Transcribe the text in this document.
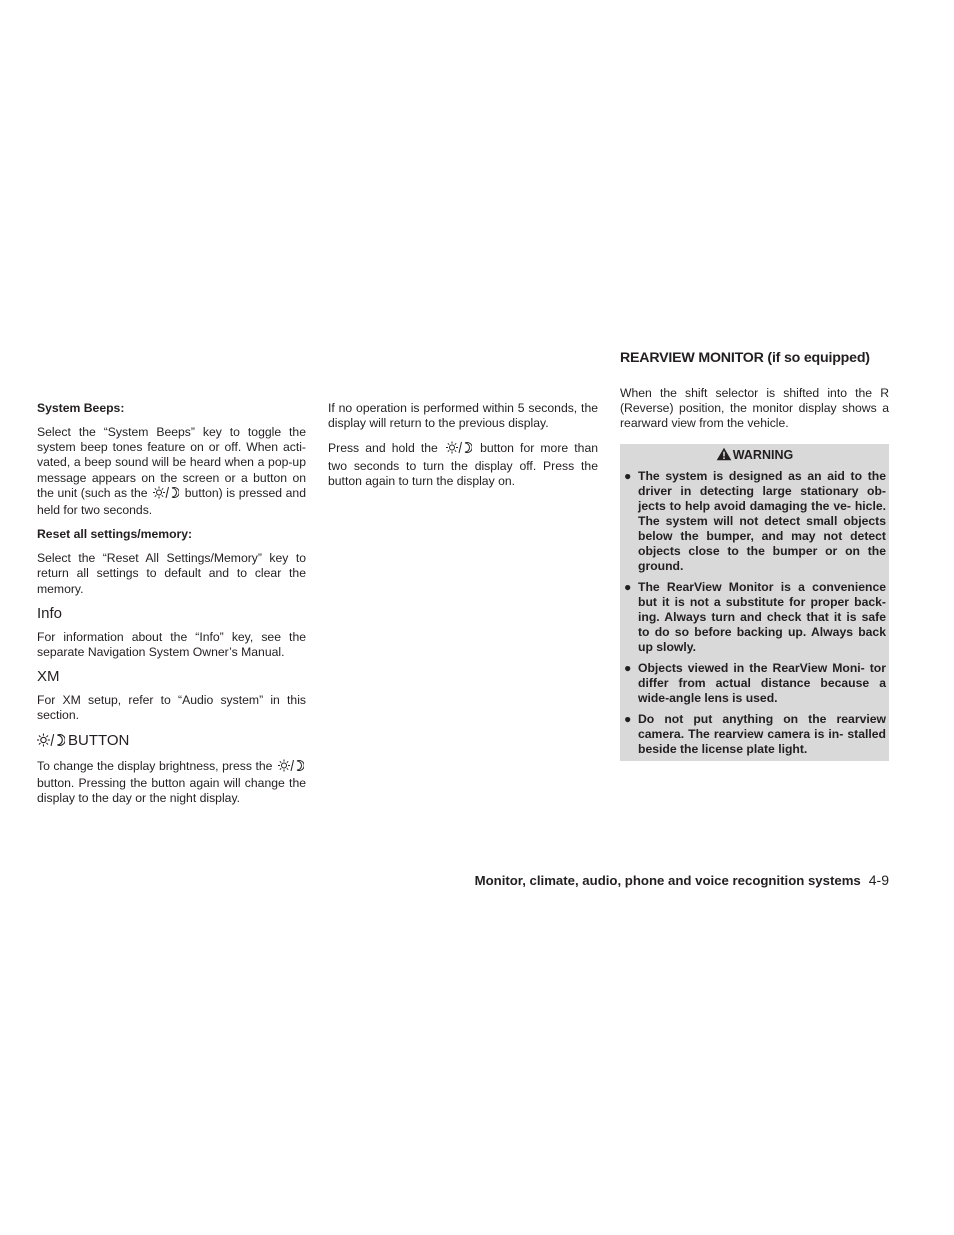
System Beeps:

Select the “System Beeps” key to toggle the system beep tones feature on or off. When acti- vated, a beep sound will be heard when a pop-up message appears on the screen or a button on the unit (such as the	button) is pressed and held for two seconds.

Reset all settings/memory:

Select the “Reset All Settings/Memory” key to return all settings to default and to clear the memory.

Info

For information about the “Info” key, see the separate Navigation System Owner’s Manual.

XM

For XM setup, refer to “Audio system” in this section.

BUTTON

To change the display brightness, press the  button. Pressing the button again will change the display to the day or the night display.

If no operation is performed within 5 seconds, the display will return to the previous display.

Press and hold the	button for more than two seconds to turn the display off. Press the button again to turn the display on.

REARVIEW MONITOR (if so equipped)

When the shift selector is shifted into the R (Reverse) position, the monitor display shows a rearward view from the vehicle.

WARNING
● The system is designed as an aid to the driver in detecting large stationary ob- jects to help avoid damaging the ve- hicle. The system will not detect small objects below the bumper, and may not detect objects close to the bumper or on the ground.
● The RearView Monitor is a convenience but it is not a substitute for proper back- ing. Always turn and check that it is safe to do so before backing up. Always back up slowly.
● Objects viewed in the RearView Moni- tor differ from actual distance because a wide-angle lens is used.
● Do not put anything on the rearview camera. The rearview camera is in- stalled beside the license plate light.
Monitor, climate, audio, phone and voice recognition systems 4-9
